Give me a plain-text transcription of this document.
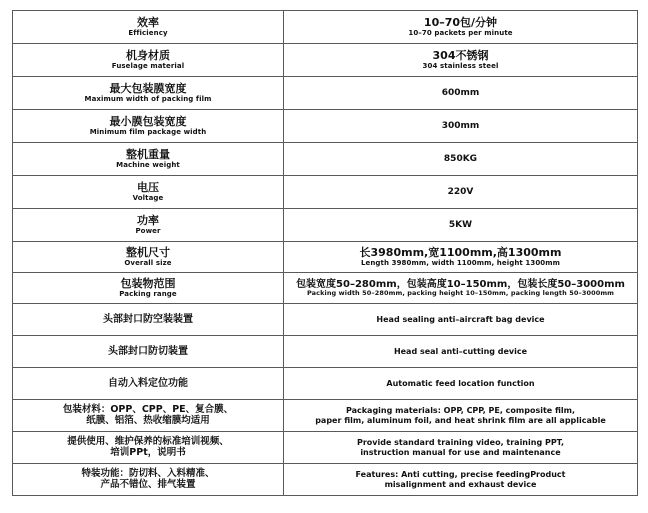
效率
Efficiency	10–70包/分钟
10–70 packets per minute

机身材质
Fuselage material	304不锈钢
304 stainless steel

最大包装膜宽度
Maximum width of packing film	600mm

最小膜包装宽度
Minimum film package width	300mm

整机重量
Machine weight	850KG

电压
Voltage	220V

功率
Power	5KW

整机尺寸
Overall size	长3980mm,宽1100mm,高1300mm
Length 3980mm, width 1100mm, height 1300mm

包装物范围
Packing range	包装宽度50–280mm，包装高度10–150mm，包装长度50–3000mm
Packing width 50–280mm, packing height 10–150mm, packing length 50–3000mm

头部封口防空装装置	Head sealing anti–aircraft bag device

头部封口防切装置	Head seal anti–cutting device

自动入料定位功能	Automatic feed location function

包装材料：OPP、CPP、PE、复合膜、
纸膜、铝箔、热收缩膜均适用	Packaging materials: OPP, CPP, PE, composite film,
paper film, aluminum foil, and heat shrink film are all applicable

提供使用、维护保养的标准培训视频、
培训PPt，说明书	Provide standard training video, training PPT,
instruction manual for use and maintenance

特装功能：防切料、入料精准、
产品不错位、排气装置	Features: Anti cutting, precise feedingProduct
misalignment and exhaust device
